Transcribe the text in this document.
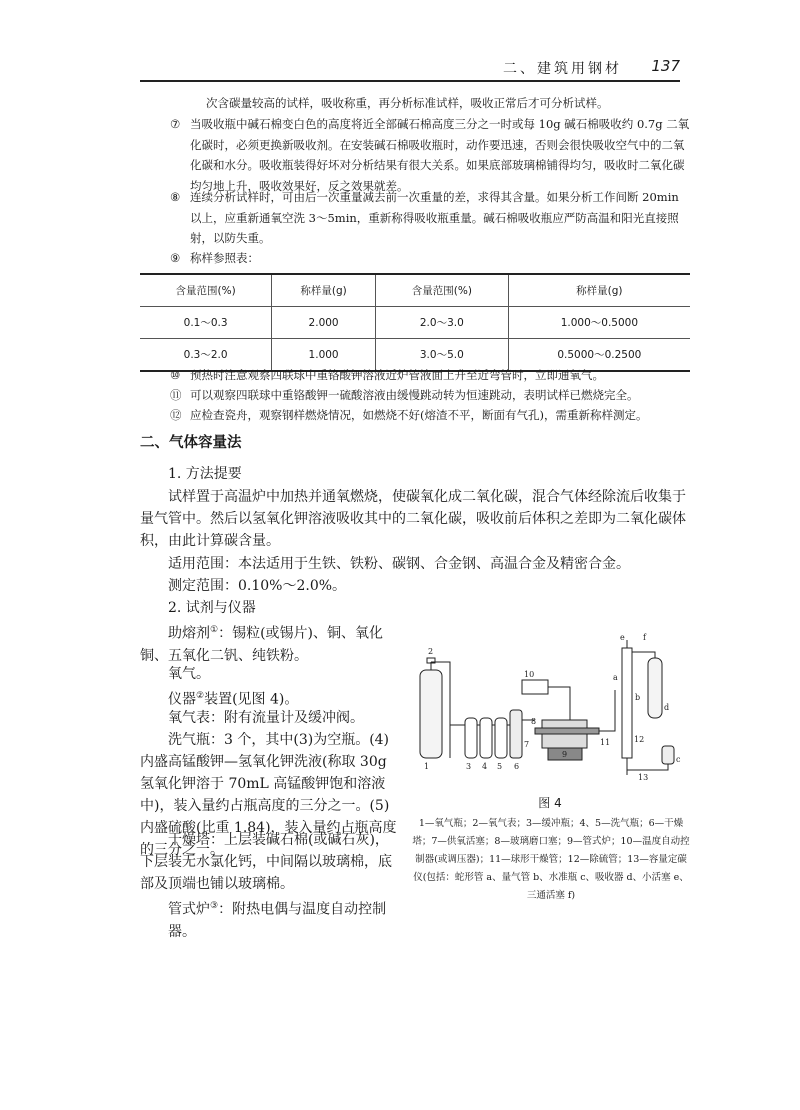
二、建筑用钢材 137
次含碳量较高的试样，吸收称重，再分析标准试样，吸收正常后才可分析试样。
⑦ 当吸收瓶中碱石棉变白色的高度将近全部碱石棉高度三分之一时或每 10g 碱石棉吸收约 0.7g 二氧化碳时，必须更换新吸收剂。在安装碱石棉吸收瓶时，动作要迅速，否则会很快吸收空气中的二氧化碳和水分。吸收瓶装得好坏对分析结果有很大关系。如果底部玻璃棉铺得均匀，吸收时二氧化碳均匀地上升，吸收效果好，反之效果就差。
⑧ 连续分析试样时，可由后一次重量减去前一次重量的差，求得其含量。如果分析工作间断 20min 以上，应重新通氧空洗 3～5min，重新称得吸收瓶重量。碱石棉吸收瓶应严防高温和阳光直接照射，以防失重。
⑨ 称样参照表：
含量范围(%)	称样量(g)	含量范围(%)	称样量(g)
0.1～0.3	2.000	2.0～3.0	1.000～0.5000
0.3～2.0	1.000	3.0～5.0	0.5000～0.2500
⑩ 预热时注意观察四联球中重铬酸钾溶液近炉管液面上升至近弯管时，立即通氧气。
⑪ 可以观察四联球中重铬酸钾一硫酸溶液由缓慢跳动转为恒速跳动，表明试样已燃烧完全。
⑫ 应检查瓷舟，观察钢样燃烧情况，如燃烧不好(熔渣不平，断面有气孔)，需重新称样测定。
二、气体容量法
1. 方法提要
试样置于高温炉中加热并通氧燃烧，使碳氧化成二氧化碳，混合气体经除流后收集于量气管中。然后以氢氧化钾溶液吸收其中的二氧化碳，吸收前后体积之差即为二氧化碳体积，由此计算碳含量。
适用范围：本法适用于生铁、铁粉、碳钢、合金钢、高温合金及精密合金。
测定范围：0.10%～2.0%。
2. 试剂与仪器
助熔剂①：锡粒(或锡片)、铜、氧化铜、五氧化二钒、纯铁粉。
氧气。
仪器②装置(见图 4)。
氧气表：附有流量计及缓冲阀。
洗气瓶：3 个，其中(3)为空瓶。(4)内盛高锰酸钾—氢氧化钾洗液(称取 30g 氢氧化钾溶于 70mL 高锰酸钾饱和溶液中)，装入量约占瓶高度的三分之一。(5)内盛硫酸(比重 1.84)，装入量约占瓶高度的三分之一。
干燥塔：上层装碱石棉(或碱石灰)，下层装无水氯化钙，中间隔以玻璃棉，底部及顶端也铺以玻璃棉。
管式炉③：附热电偶与温度自动控制器。
1
2
3 4 5 6
7
8
9
10
11	12
13
a
b
c
d
e f
图 4
1—氧气瓶；2—氧气表；3—缓冲瓶；4、5—洗气瓶；6—干燥塔；7—供氧活塞；8—玻璃磨口塞；9—管式炉；10—温度自动控制器(或调压器)；11—球形干燥管；12—除硫管；13—容量定碳仪(包括：蛇形管 a、量气管 b、水准瓶 c、吸收器 d、小活塞 e、三通活塞 f)
